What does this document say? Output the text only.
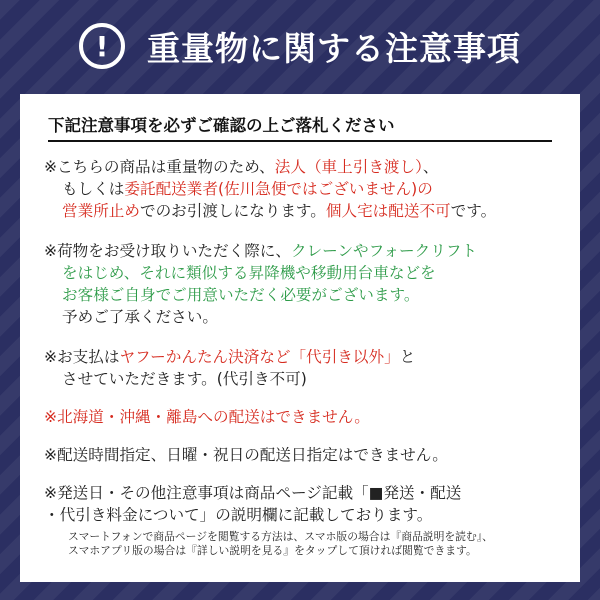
!	重量物に関する注意事項
下記注意事項を必ずご確認の上ご落札ください
※こちらの商品は重量物のため、法人（車上引き渡し）、
もしくは委託配送業者(佐川急便ではございません)の
営業所止めでのお引渡しになります。個人宅は配送不可です。
※荷物をお受け取りいただく際に、クレーンやフォークリフト
をはじめ、それに類似する昇降機や移動用台車などを
お客様ご自身でご用意いただく必要がございます。
予めご了承ください。
※お支払はヤフーかんたん決済など「代引き以外」と
させていただきます。(代引き不可)
※北海道・沖縄・離島への配送はできません。
※配送時間指定、日曜・祝日の配送日指定はできません。
※発送日・その他注意事項は商品ページ記載「■発送・配送
・代引き料金について」の説明欄に記載しております。
スマートフォンで商品ページを閲覧する方法は、スマホ版の場合は『商品説明を読む』、
スマホアプリ版の場合は『詳しい説明を見る』をタップして頂ければ閲覧できます。
